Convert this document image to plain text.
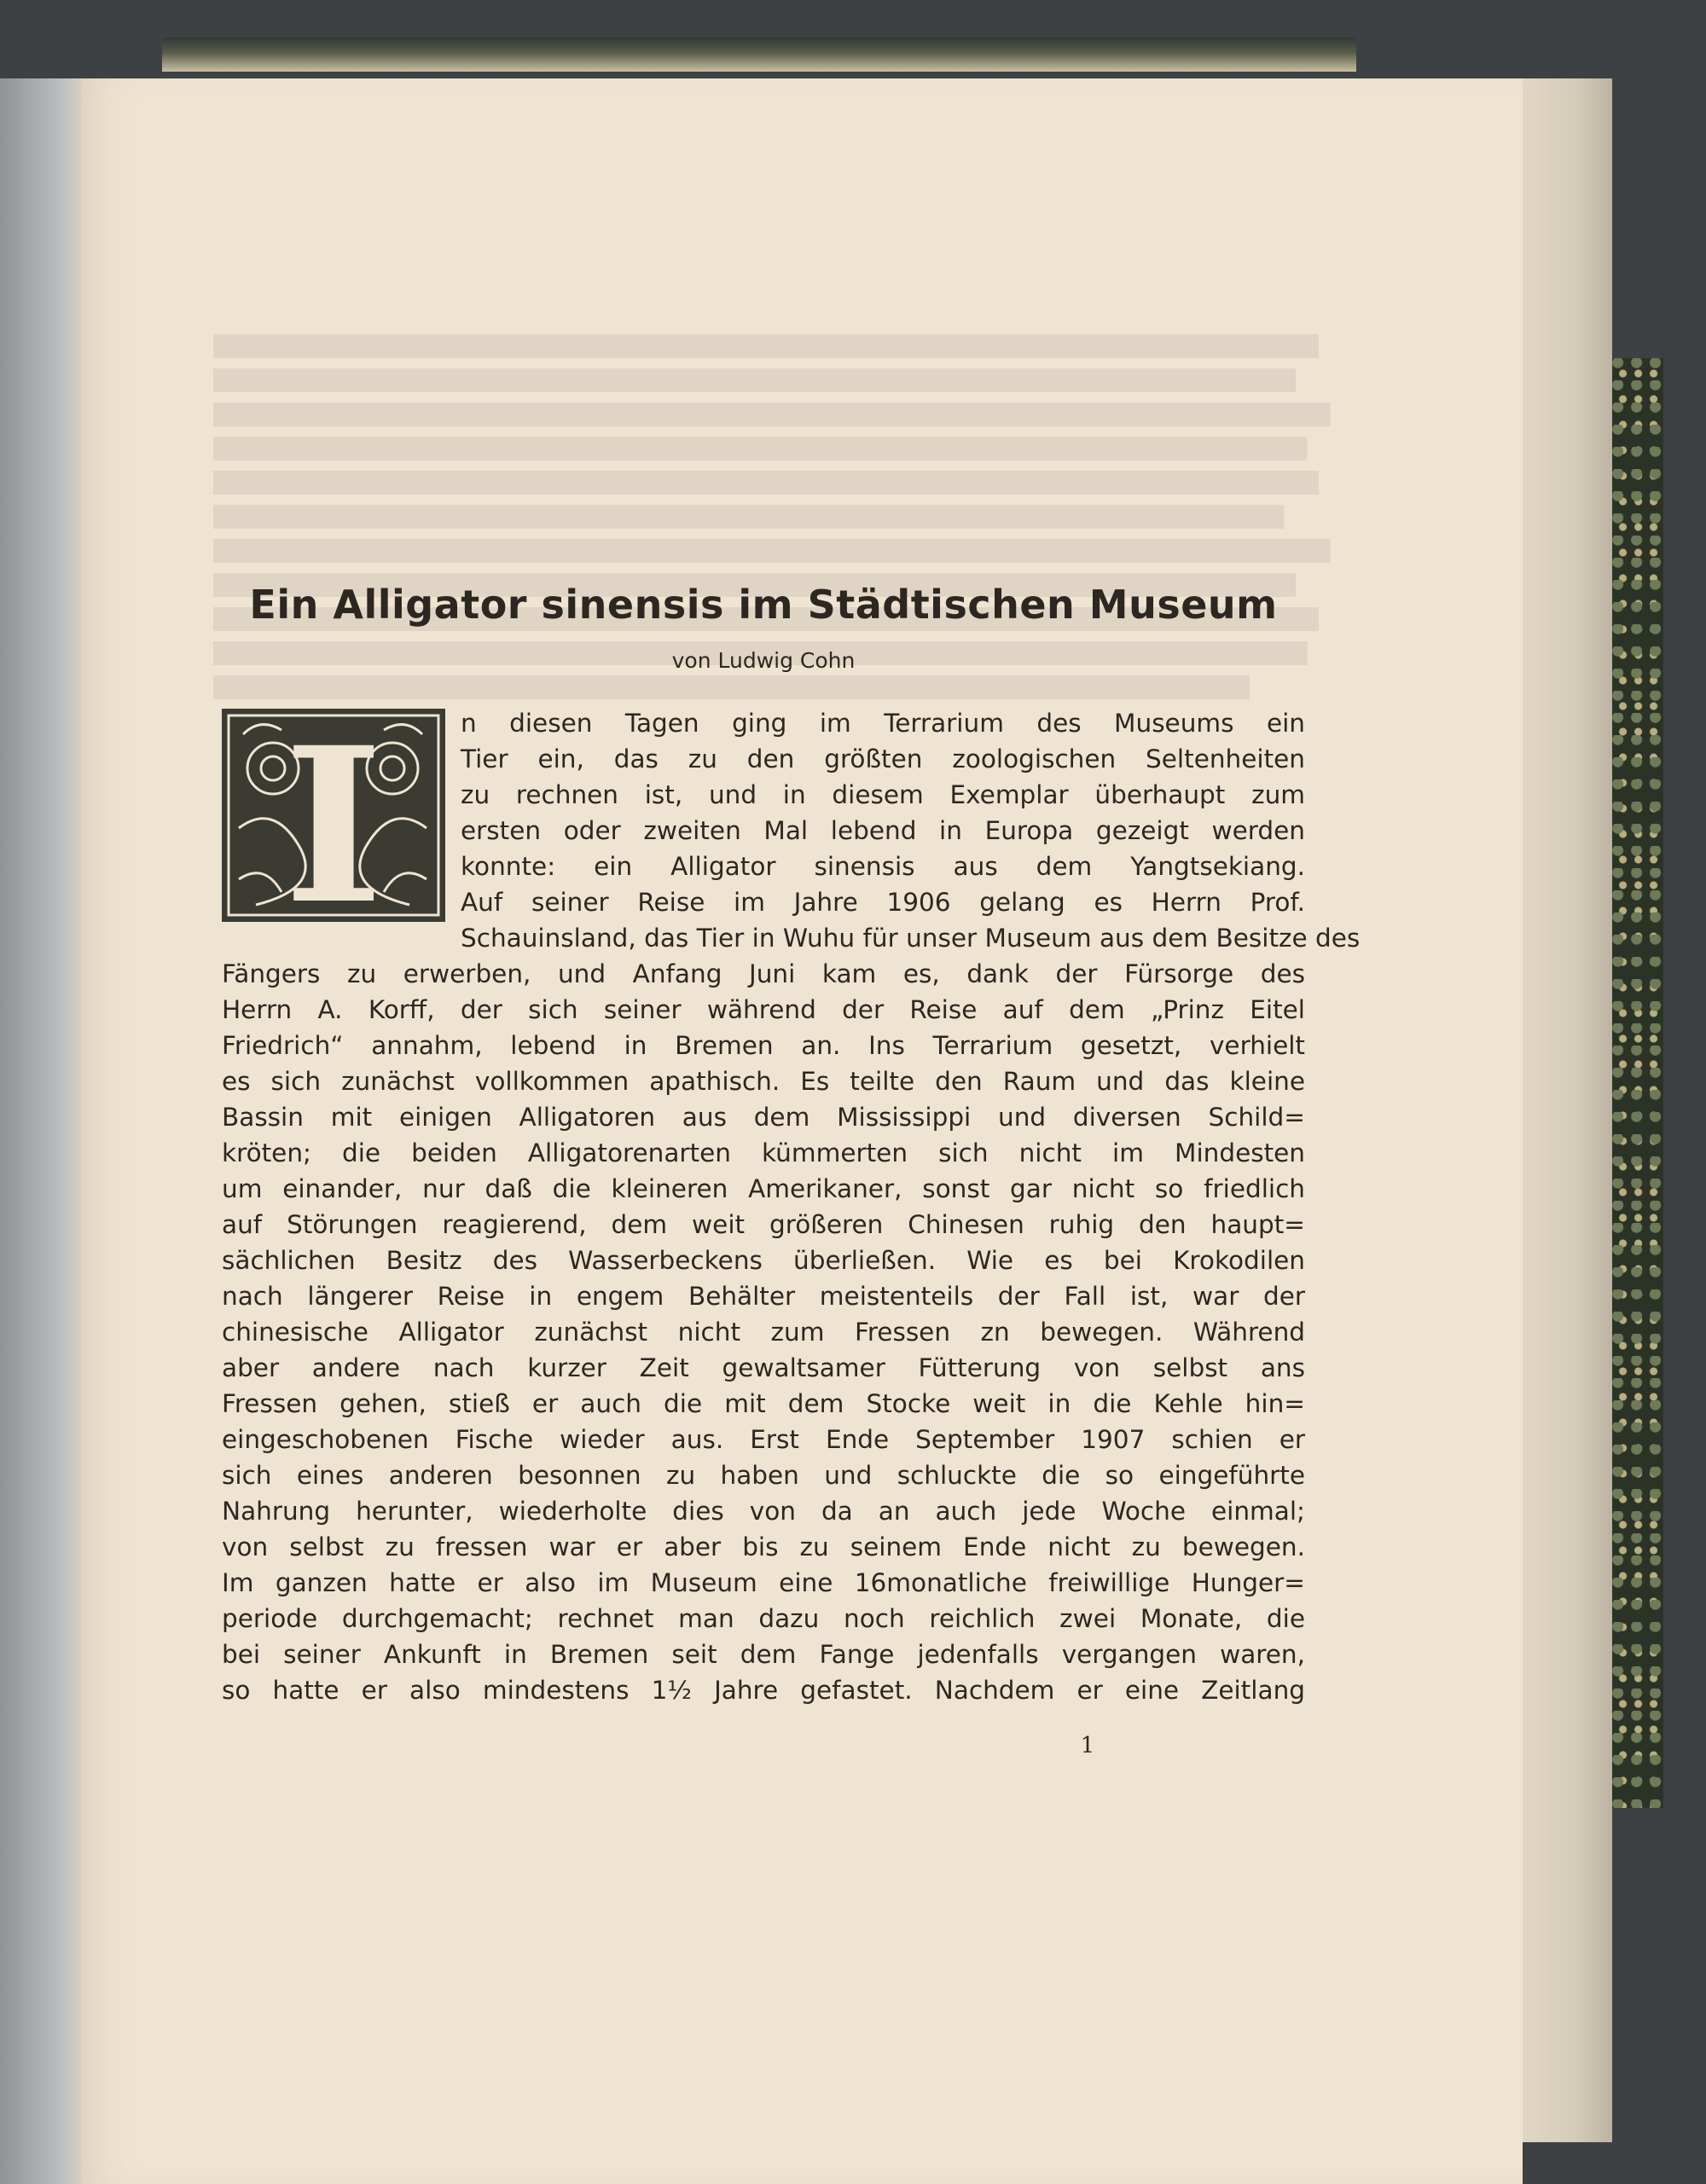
Ein Alligator sinensis im Städtischen Museum
von Ludwig Cohn
I	n diesen Tagen ging im Terrarium des Museums ein
Tier ein, das zu den größten zoologischen Seltenheiten
zu rechnen ist, und in diesem Exemplar überhaupt zum
ersten oder zweiten Mal lebend in Europa gezeigt werden
konnte: ein Alligator sinensis aus dem Yangtsekiang.
Auf seiner Reise im Jahre 1906 gelang es Herrn Prof.
Schauinsland, das Tier in Wuhu für unser Museum aus dem Besitze des
Fängers zu erwerben, und Anfang Juni kam es, dank der Fürsorge des
Herrn A. Korff, der sich seiner während der Reise auf dem „Prinz Eitel
Friedrich“ annahm, lebend in Bremen an. Ins Terrarium gesetzt, verhielt
es sich zunächst vollkommen apathisch. Es teilte den Raum und das kleine
Bassin mit einigen Alligatoren aus dem Mississippi und diversen Schild=
kröten; die beiden Alligatorenarten kümmerten sich nicht im Mindesten
um einander, nur daß die kleineren Amerikaner, sonst gar nicht so friedlich
auf Störungen reagierend, dem weit größeren Chinesen ruhig den haupt=
sächlichen Besitz des Wasserbeckens überließen. Wie es bei Krokodilen
nach längerer Reise in engem Behälter meistenteils der Fall ist, war der
chinesische Alligator zunächst nicht zum Fressen zn bewegen. Während
aber andere nach kurzer Zeit gewaltsamer Fütterung von selbst ans
Fressen gehen, stieß er auch die mit dem Stocke weit in die Kehle hin=
eingeschobenen Fische wieder aus. Erst Ende September 1907 schien er
sich eines anderen besonnen zu haben und schluckte die so eingeführte
Nahrung herunter, wiederholte dies von da an auch jede Woche einmal;
von selbst zu fressen war er aber bis zu seinem Ende nicht zu bewegen.
Im ganzen hatte er also im Museum eine 16monatliche freiwillige Hunger=
periode durchgemacht; rechnet man dazu noch reichlich zwei Monate, die
bei seiner Ankunft in Bremen seit dem Fange jedenfalls vergangen waren,
so hatte er also mindestens 1½ Jahre gefastet. Nachdem er eine Zeitlang
1
